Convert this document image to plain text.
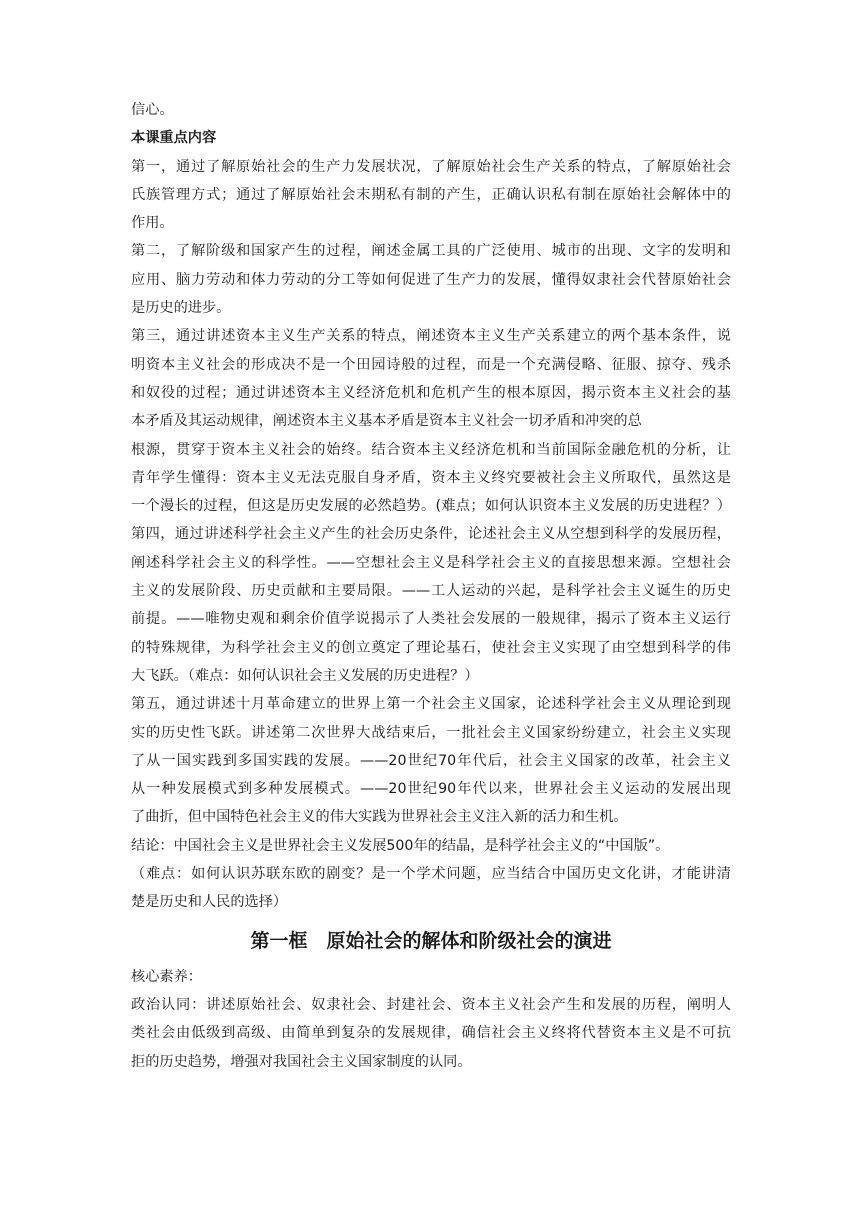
信心。
本课重点内容
第一，通过了解原始社会的生产力发展状况，了解原始社会生产关系的特点，了解原始社会
氏族管理方式；通过了解原始社会末期私有制的产生，正确认识私有制在原始社会解体中的
作用。
第二，了解阶级和国家产生的过程，阐述金属工具的广泛使用、城市的出现、文字的发明和
应用、脑力劳动和体力劳动的分工等如何促进了生产力的发展，懂得奴隶社会代替原始社会
是历史的进步。
第三，通过讲述资本主义生产关系的特点，阐述资本主义生产关系建立的两个基本条件，说
明资本主义社会的形成决不是一个田园诗般的过程，而是一个充满侵略、征服、掠夺、残杀
和奴役的过程；通过讲述资本主义经济危机和危机产生的根本原因，揭示资本主义社会的基
本矛盾及其运动规律，阐述资本主义基本矛盾是资本主义社会一切矛盾和冲突的总
根源，贯穿于资本主义社会的始终。结合资本主义经济危机和当前国际金融危机的分析，让
青年学生懂得：资本主义无法克服自身矛盾，资本主义终究要被社会主义所取代，虽然这是
一个漫长的过程，但这是历史发展的必然趋势。(难点；如何认识资本主义发展的历史进程？）
第四，通过讲述科学社会主义产生的社会历史条件，论述社会主义从空想到科学的发展历程，
阐述科学社会主义的科学性。——空想社会主义是科学社会主义的直接思想来源。空想社会
主义的发展阶段、历史贡献和主要局限。——工人运动的兴起，是科学社会主义诞生的历史
前提。——唯物史观和剩余价值学说揭示了人类社会发展的一般规律，揭示了资本主义运行
的特殊规律，为科学社会主义的创立奠定了理论基石，使社会主义实现了由空想到科学的伟
大飞跃。（难点：如何认识社会主义发展的历史进程？）
第五，通过讲述十月革命建立的世界上第一个社会主义国家，论述科学社会主义从理论到现
实的历史性飞跃。讲述第二次世界大战结束后，一批社会主义国家纷纷建立，社会主义实现
了从一国实践到多国实践的发展。——20世纪70年代后，社会主义国家的改革，社会主义
从一种发展模式到多种发展模式。——20世纪90年代以来，世界社会主义运动的发展出现
了曲折，但中国特色社会主义的伟大实践为世界社会主义注入新的活力和生机。
结论：中国社会主义是世界社会主义发展500年的结晶，是科学社会主义的“中国版”。
（难点：如何认识苏联东欧的剧变？是一个学术问题，应当结合中国历史文化讲，才能讲清
楚是历史和人民的选择）
第一框　原始社会的解体和阶级社会的演进
核心素养：
政治认同：讲述原始社会、奴隶社会、封建社会、资本主义社会产生和发展的历程，阐明人
类社会由低级到高级、由简单到复杂的发展规律，确信社会主义终将代替资本主义是不可抗
拒的历史趋势，增强对我国社会主义国家制度的认同。
